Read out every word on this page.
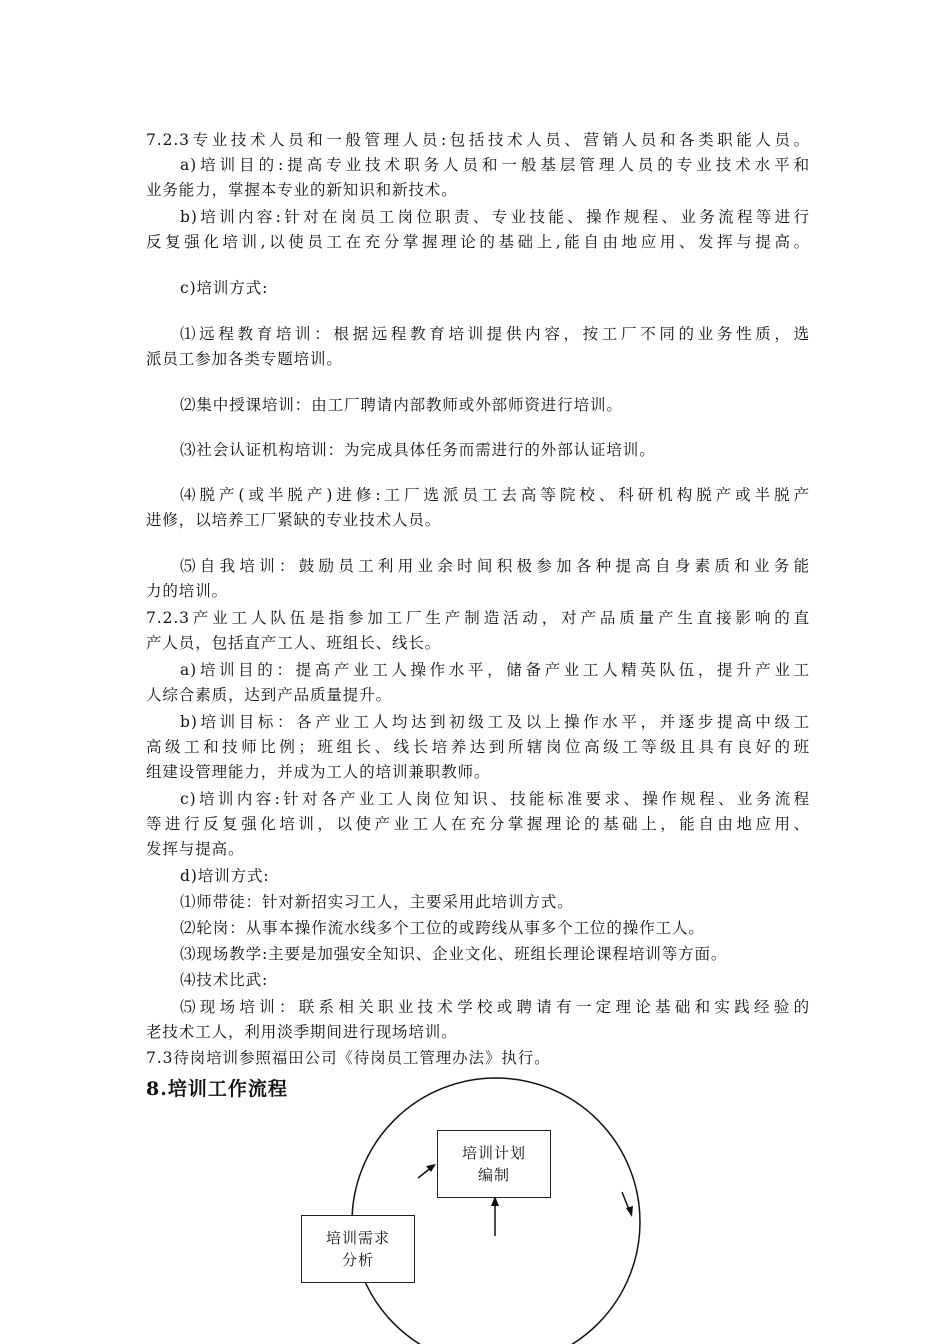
7.2.3专业技术人员和一般管理人员:包括技术人员、营销人员和各类职能人员。
a)培训目的:提高专业技术职务人员和一般基层管理人员的专业技术水平和
业务能力，掌握本专业的新知识和新技术。
b)培训内容:针对在岗员工岗位职责、专业技能、操作规程、业务流程等进行
反复强化培训,以使员工在充分掌握理论的基础上,能自由地应用、发挥与提高。
c)培训方式:
⑴远程教育培训：根据远程教育培训提供内容，按工厂不同的业务性质，选
派员工参加各类专题培训。
⑵集中授课培训：由工厂聘请内部教师或外部师资进行培训。
⑶社会认证机构培训：为完成具体任务而需进行的外部认证培训。
⑷脱产(或半脱产)进修:工厂选派员工去高等院校、科研机构脱产或半脱产
进修，以培养工厂紧缺的专业技术人员。
⑸自我培训：鼓励员工利用业余时间积极参加各种提高自身素质和业务能
力的培训。
7.2.3产业工人队伍是指参加工厂生产制造活动，对产品质量产生直接影响的直
产人员，包括直产工人、班组长、线长。
a)培训目的：提高产业工人操作水平，储备产业工人精英队伍，提升产业工
人综合素质，达到产品质量提升。
b)培训目标：各产业工人均达到初级工及以上操作水平，并逐步提高中级工
高级工和技师比例；班组长、线长培养达到所辖岗位高级工等级且具有良好的班
组建设管理能力，并成为工人的培训兼职教师。
c)培训内容:针对各产业工人岗位知识、技能标准要求、操作规程、业务流程
等进行反复强化培训，以使产业工人在充分掌握理论的基础上，能自由地应用、
发挥与提高。
d)培训方式:
⑴师带徒：针对新招实习工人，主要采用此培训方式。
⑵轮岗：从事本操作流水线多个工位的或跨线从事多个工位的操作工人。
⑶现场教学:主要是加强安全知识、企业文化、班组长理论课程培训等方面。
⑷技术比武:
⑸现场培训：联系相关职业技术学校或聘请有一定理论基础和实践经验的
老技术工人，利用淡季期间进行现场培训。
7.3待岗培训参照福田公司《待岗员工管理办法》执行。
8.培训工作流程
培训计划
编制
培训需求
分析
